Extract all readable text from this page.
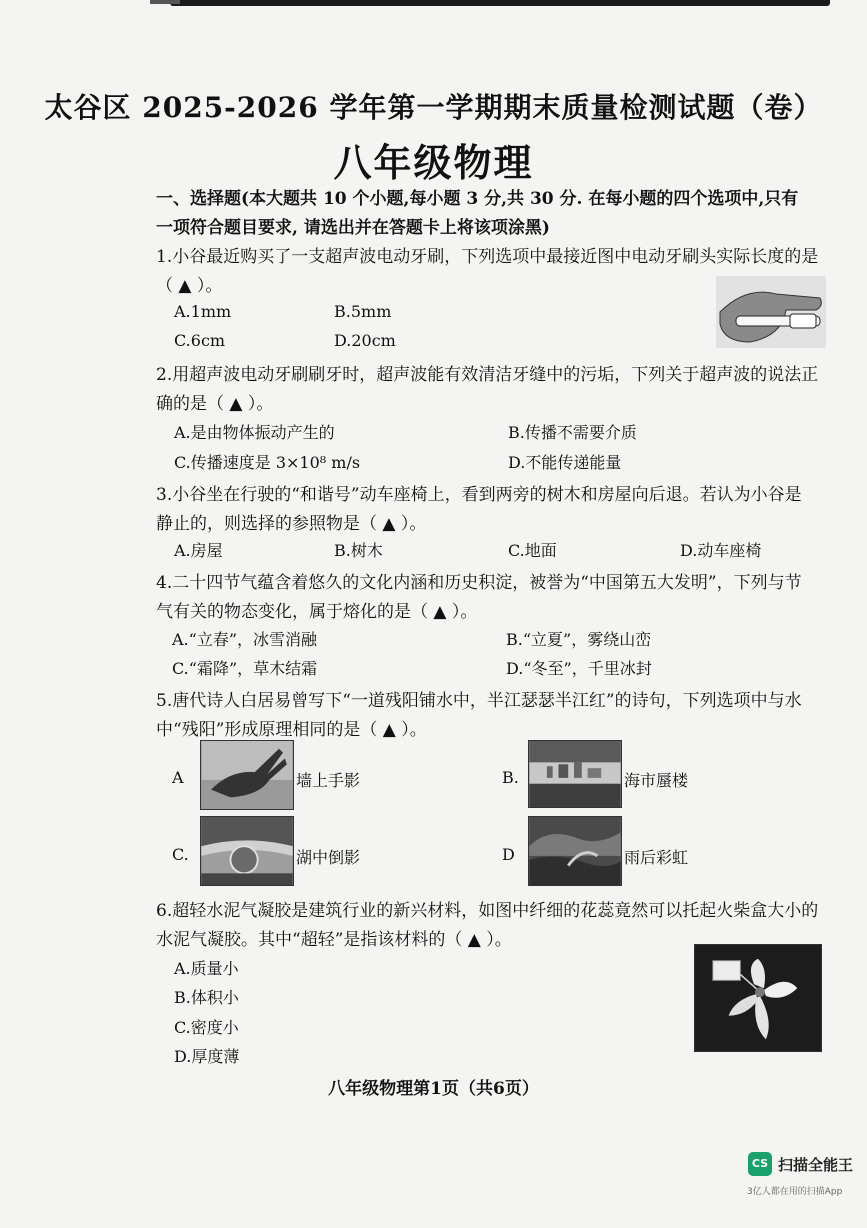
太谷区 2025-2026 学年第一学期期末质量检测试题（卷）
八年级物理
一、选择题(本大题共 10 个小题,每小题 3 分,共 30 分. 在每小题的四个选项中,只有
一项符合题目要求, 请选出并在答题卡上将该项涂黑)
1.小谷最近购买了一支超声波电动牙刷，下列选项中最接近图中电动牙刷头实际长度的是
（ ▲ ）。
A.1mm	B.5mm
C.6cm	D.20cm
2.用超声波电动牙刷刷牙时，超声波能有效清洁牙缝中的污垢，下列关于超声波的说法正
确的是（ ▲ ）。
A.是由物体振动产生的	B.传播不需要介质
C.传播速度是 3×10⁸ m/s	D.不能传递能量
3.小谷坐在行驶的“和谐号”动车座椅上，看到两旁的树木和房屋向后退。若认为小谷是
静止的，则选择的参照物是（ ▲ ）。
A.房屋	B.树木	C.地面	D.动车座椅
4.二十四节气蕴含着悠久的文化内涵和历史积淀，被誉为“中国第五大发明”，下列与节
气有关的物态变化，属于熔化的是（ ▲ ）。
A.“立春”，冰雪消融	B.“立夏”，雾绕山峦
C.“霜降”，草木结霜	D.“冬至”，千里冰封
5.唐代诗人白居易曾写下“一道残阳铺水中，半江瑟瑟半江红”的诗句，下列选项中与水
中“残阳”形成原理相同的是（ ▲ ）。
A	墙上手影	B.	海市蜃楼
C.	湖中倒影	D	雨后彩虹
6.超轻水泥气凝胶是建筑行业的新兴材料，如图中纤细的花蕊竟然可以托起火柴盒大小的
水泥气凝胶。其中“超轻”是指该材料的（ ▲ ）。
A.质量小
B.体积小
C.密度小
D.厚度薄
八年级物理第1页（共6页）
CS 扫描全能王
3亿人都在用的扫描App
